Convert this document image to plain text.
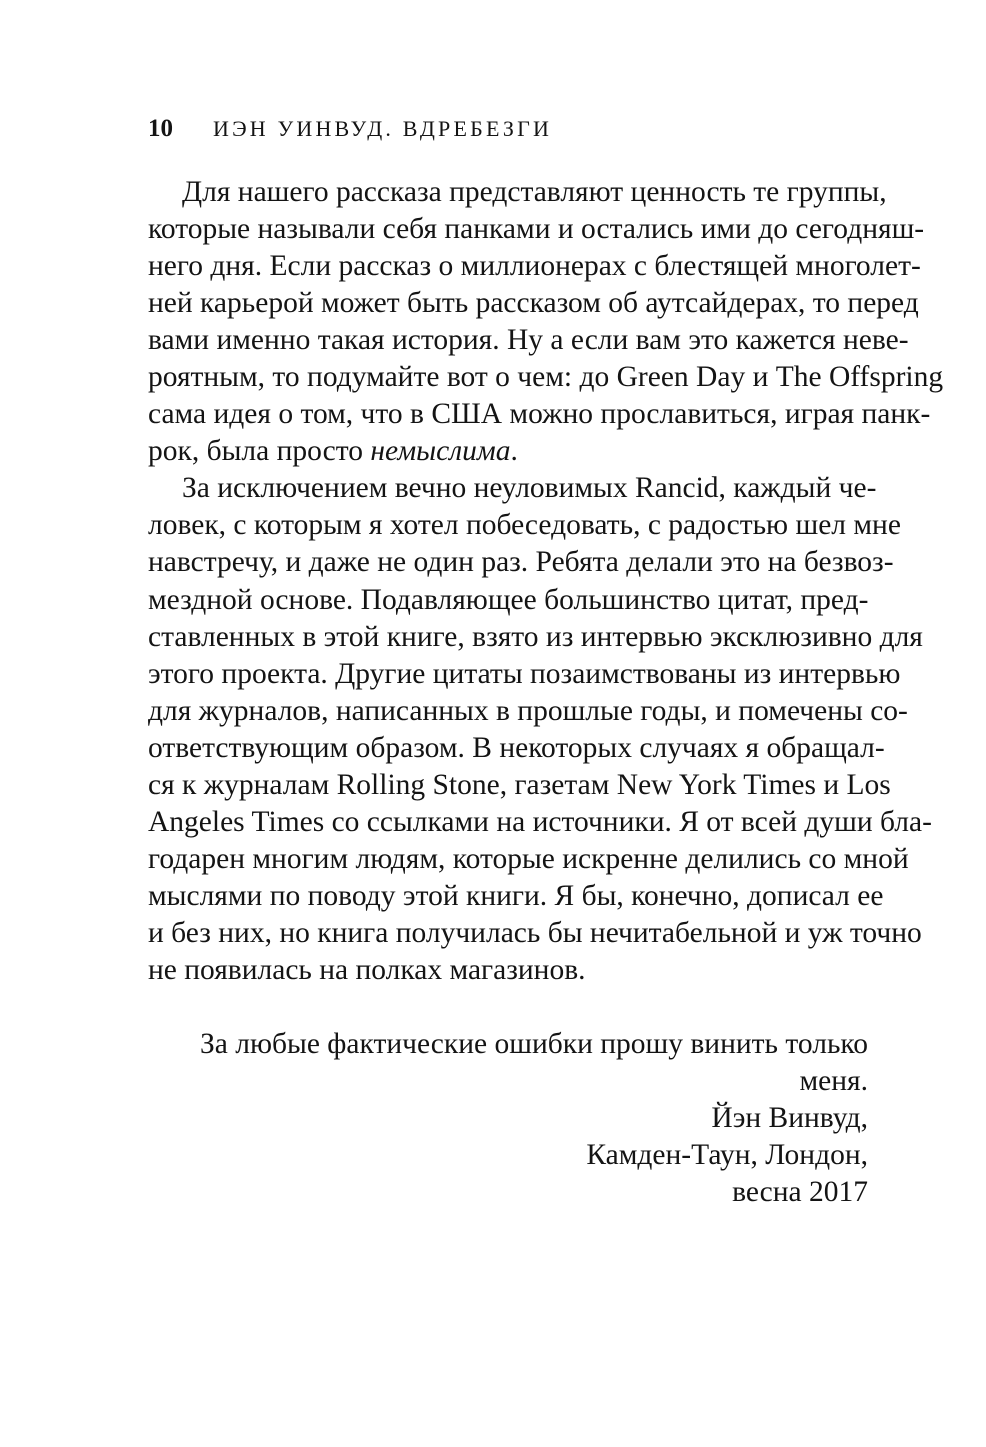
10 ИЭН УИНВУД. ВДРЕБЕЗГИ
Для нашего рассказа представляют ценность те группы,
которые называли себя панками и остались ими до сегодняш-
него дня. Если рассказ о миллионерах с блестящей многолет-
ней карьерой может быть рассказом об аутсайдерах, то перед
вами именно такая история. Ну а если вам это кажется неве-
роятным, то подумайте вот о чем: до Green Day и The Offspring
сама идея о том, что в США можно прославиться, играя панк-
рок, была просто немыслима.
За исключением вечно неуловимых Rancid, каждый че-
ловек, с которым я хотел побеседовать, с радостью шел мне
навстречу, и даже не один раз. Ребята делали это на безвоз-
мездной основе. Подавляющее большинство цитат, пред-
ставленных в этой книге, взято из интервью эксклюзивно для
этого проекта. Другие цитаты позаимствованы из интервью
для журналов, написанных в прошлые годы, и помечены со-
ответствующим образом. В некоторых случаях я обращал-
ся к журналам Rolling Stone, газетам New York Times и Los
Angeles Times со ссылками на источники. Я от всей души бла-
годарен многим людям, которые искренне делились со мной
мыслями по поводу этой книги. Я бы, конечно, дописал ее
и без них, но книга получилась бы нечитабельной и уж точно
не появилась на полках магазинов.
За любые фактические ошибки прошу винить только
меня.
Йэн Винвуд,
Камден-Таун, Лондон,
весна 2017
